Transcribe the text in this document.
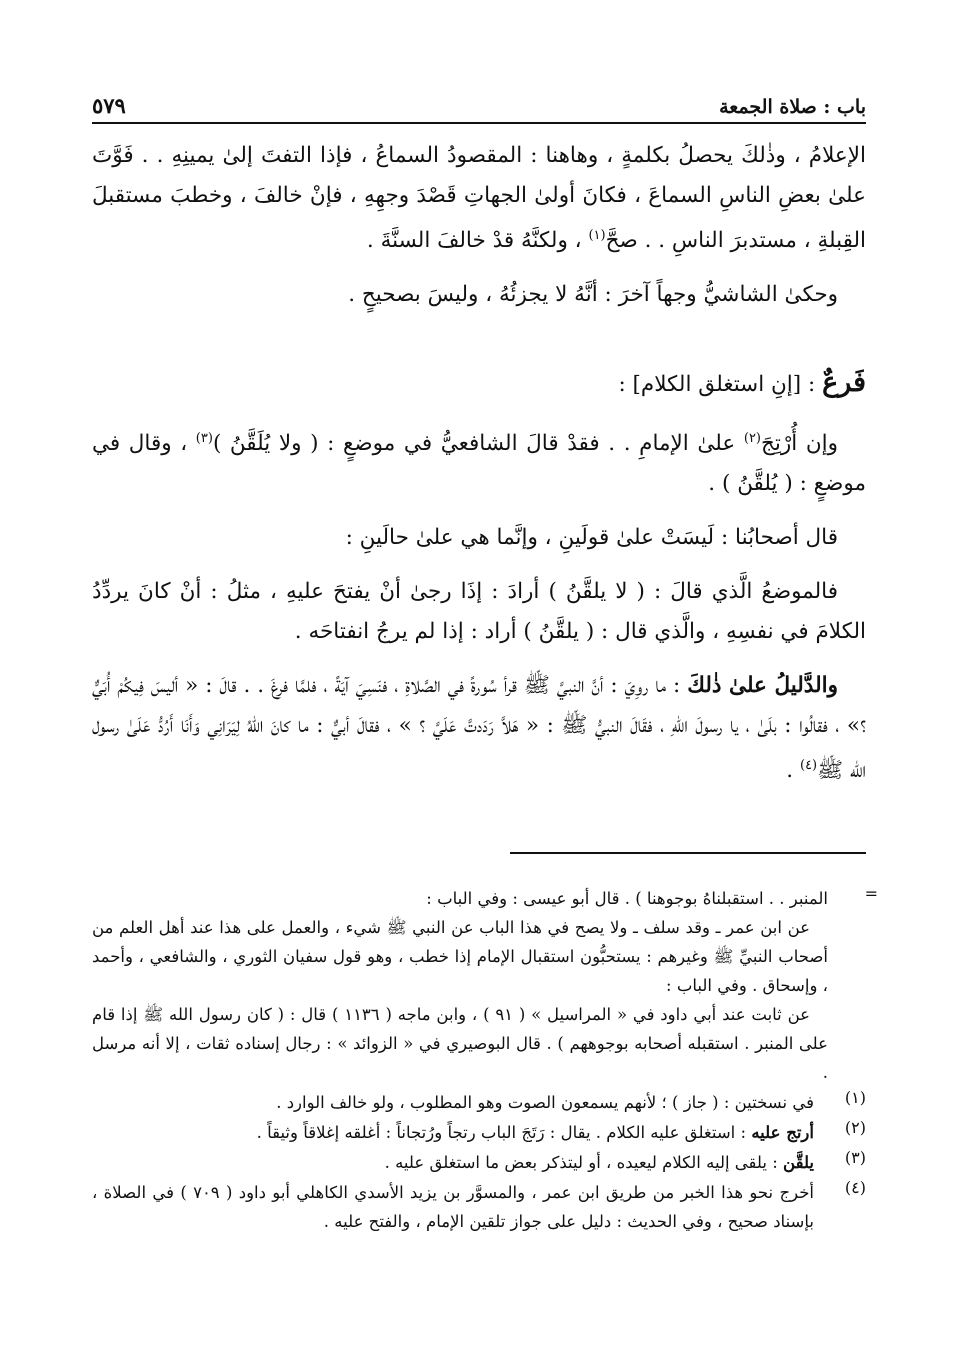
باب : صلاة الجمعة
٥٧٩

الإعلامُ ، وذٰلكَ يحصلُ بكلمةٍ ، وهاهنا : المقصودُ السماعُ ، فإذا التفتَ إلىٰ يمينِهِ . . فَوَّتَ علىٰ بعضِ الناسِ السماعَ ، فكانَ أولىٰ الجهاتِ قَصْدَ وجهِهِ ، فإنْ خالفَ ، وخطبَ مستقبلَ القِبلةِ ، مستدبرَ الناسِ . . صحَّ$^{(١)}$ ، ولكنَّهُ قدْ خالفَ السنَّةَ .

وحكىٰ الشاشيُّ وجهاً آخرَ : أنَّهُ لا يجزئُهُ ، وليسَ بصحيحٍ .

فَرعٌ : [إنِ استغلق الكلام] :

وإن أُرْتِجَ$^{(٢)}$ علىٰ الإمامِ . . فقدْ قالَ الشافعيُّ في موضعٍ : ( ولا يُلَقَّنُ )$^{(٣)}$ ، وقال في موضعٍ : ( يُلقَّنُ ) .

قال أصحابُنا : لَيسَتْ علىٰ قولَينِ ، وإنَّما هي علىٰ حالَينِ :

فالموضعُ الَّذي قالَ : ( لا يلقَّنُ ) أرادَ : إذَا رجىٰ أنْ يفتحَ عليهِ ، مثلُ : أنْ كانَ يردِّدُ الكلامَ في نفسِهِ ، والَّذي قال : ( يلقَّنُ ) أراد : إذا لم يرجُ انفتاحَه .

والدَّليلُ علىٰ ذٰلكَ : ما روِيَ : أنَّ النبيَّ ﷺ قرأ سُورةً في الصَّلاةِ ، فنَسِيَ آيَةً ، فلمَّا فرغَ . . قالَ : « أليسَ فِيكُمْ أُبَيٌّ ؟» ، فقالُوا : بلَىٰ ، يا رسولَ اللهِ ، فقَالَ النبيُّ ﷺ : « هَلاَّ رَدَدتَّ عَلَيَّ ؟ » ، فقالَ أبيٌّ : ما كانَ اللهُ لِيَرَانِي وَأَنَا أَرُدُّ عَلَىٰ رسول الله ﷺ$^{(٤)}$ .

=

المنبر . . استقبلناهُ بوجوهنا ) . قال أبو عيسى : وفي الباب :

عن ابن عمر ـ وقد سلف ـ ولا يصح في هذا الباب عن النبي ﷺ شيء ، والعمل على هذا عند أهل العلم من أصحاب النبيِّ ﷺ وغيرهم : يستحبُّون استقبال الإمام إذا خطب ، وهو قول سفيان الثوري ، والشافعي ، وأحمد ، وإسحاق . وفي الباب :

عن ثابت عند أبي داود في « المراسيل » ( ٩١ ) ، وابن ماجه ( ١١٣٦ ) قال : ( كان رسول الله ﷺ إذا قام على المنبر . استقبله أصحابه بوجوههم ) . قال البوصيري في « الزوائد » : رجال إسناده ثقات ، إلا أنه مرسل .

(١)
في نسختين : ( جاز ) ؛ لأنهم يسمعون الصوت وهو المطلوب ، ولو خالف الوارد .
(٢)
أرتج عليه : استغلق عليه الكلام . يقال : رَتَجَ الباب رتجاً ورُتجاناً : أغلقه إغلاقاً وثيقاً .
(٣)
يلقَّن : يلقى إليه الكلام ليعيده ، أو ليتذكر بعض ما استغلق عليه .
(٤)
أخرج نحو هذا الخبر من طريق ابن عمر ، والمسوَّر بن يزيد الأسدي الكاهلي أبو داود ( ٧٠٩ ) في الصلاة ، بإسناد صحيح ، وفي الحديث : دليل على جواز تلقين الإمام ، والفتح عليه .
